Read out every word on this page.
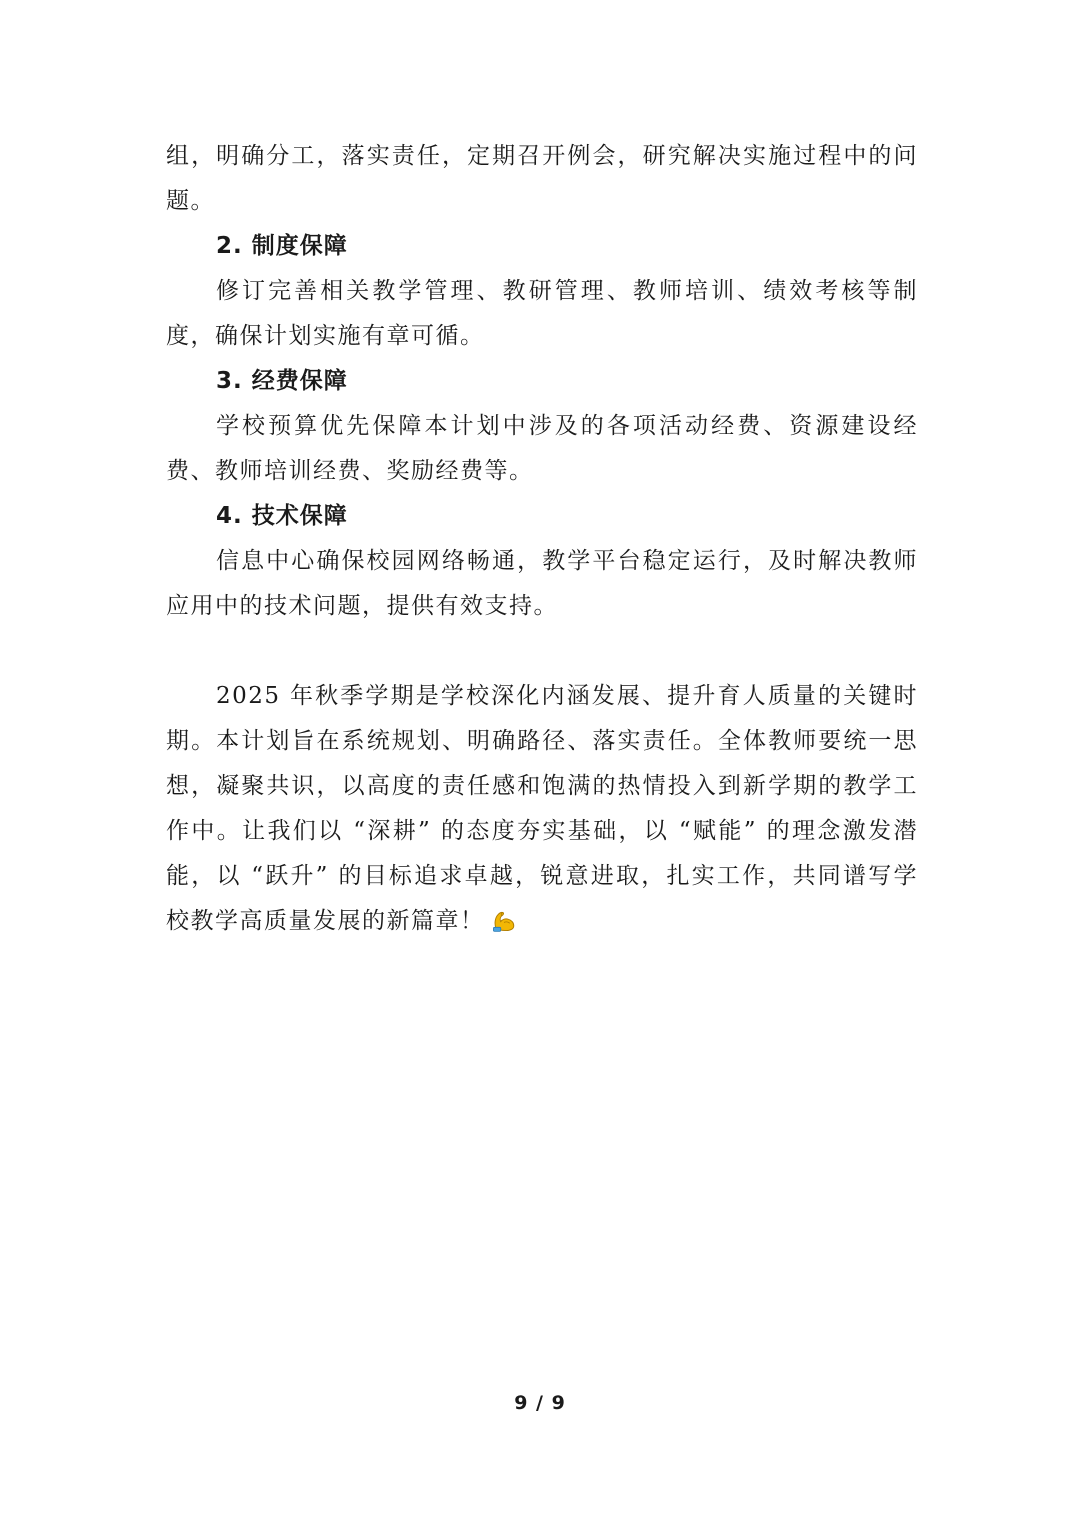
组，明确分工，落实责任，定期召开例会，研究解决实施过程中的问题。

2. 制度保障

修订完善相关教学管理、教研管理、教师培训、绩效考核等制度，确保计划实施有章可循。

3. 经费保障

学校预算优先保障本计划中涉及的各项活动经费、资源建设经费、教师培训经费、奖励经费等。

4. 技术保障

信息中心确保校园网络畅通，教学平台稳定运行，及时解决教师应用中的技术问题，提供有效支持。

2025 年秋季学期是学校深化内涵发展、提升育人质量的关键时期。本计划旨在系统规划、明确路径、落实责任。全体教师要统一思想，凝聚共识，以高度的责任感和饱满的热情投入到新学期的教学工作中。让我们以 “深耕” 的态度夯实基础，以 “赋能” 的理念激发潜能，以 “跃升” 的目标追求卓越，锐意进取，扎实工作，共同谱写学校教学高质量发展的新篇章！

9 / 9
